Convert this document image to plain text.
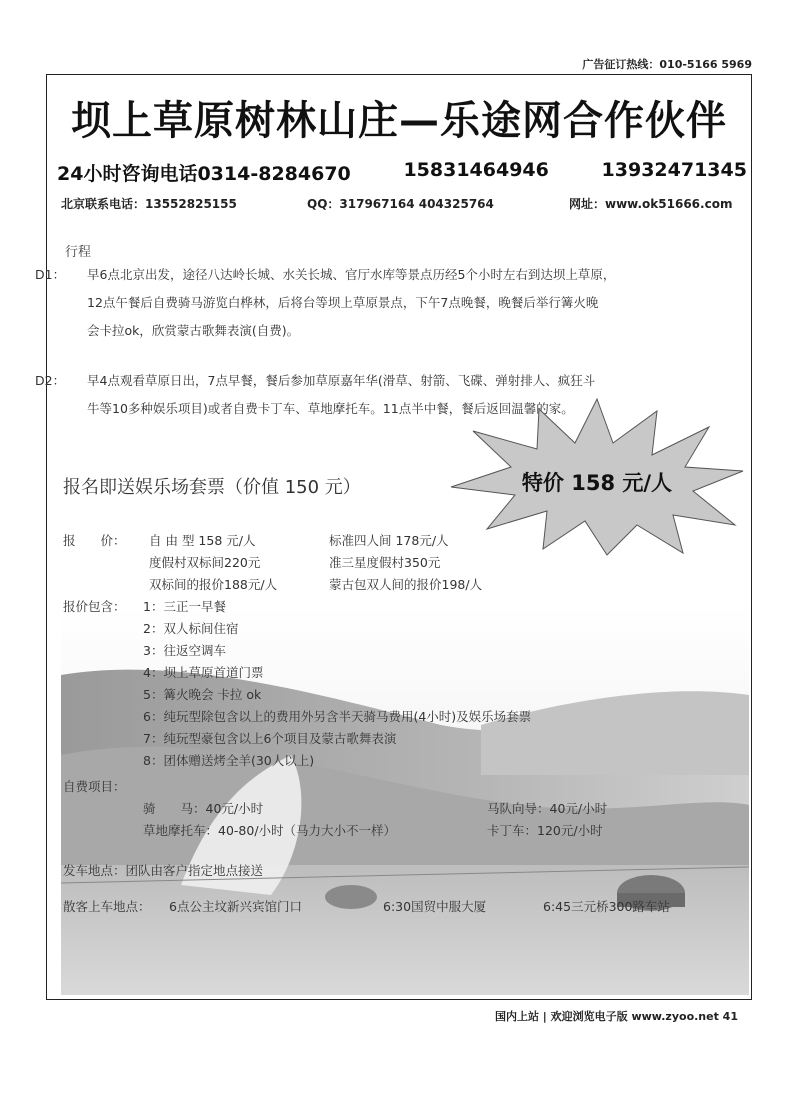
广告征订热线：010-5166 5969
坝上草原树林山庄—乐途网合作伙伴
24小时咨询电话0314-8284670	15831464946	13932471345
北京联系电话：13552825155	QQ：317967164 404325764	网址：www.ok51666.com
行程

D1： 早6点北京出发，途径八达岭长城、水关长城、官厅水库等景点历经5个小时左右到达坝上草原，

12点午餐后自费骑马游览白桦林，后将台等坝上草原景点，下午7点晚餐，晚餐后举行篝火晚

会卡拉ok，欣赏蒙古歌舞表演(自费)。

D2： 早4点观看草原日出，7点早餐，餐后参加草原嘉年华(滑草、射箭、飞碟、弹射排人、疯狂斗

牛等10多种娱乐项目)或者自费卡丁车、草地摩托车。11点半中餐，餐后返回温馨的家。

报名即送娱乐场套票（价值 150 元）	特价 158 元/人
报　　价： 自 由 型 158 元/人	标准四人间 178元/人
度假村双标间220元	准三星度假村350元
双标间的报价188元/人	蒙古包双人间的报价198/人
报价包含： 1：三正一早餐
2：双人标间住宿
3：往返空调车
4：坝上草原首道门票
5：篝火晚会 卡拉 ok
6：纯玩型除包含以上的费用外另含半天骑马费用(4小时)及娱乐场套票
7：纯玩型豪包含以上6个项目及蒙古歌舞表演
8：团体赠送烤全羊(30人以上)
自费项目：
骑　　马：40元/小时	马队向导：40元/小时
草地摩托车：40-80/小时（马力大小不一样）	卡丁车：120元/小时
发车地点：团队由客户指定地点接送
散客上车地点： 6点公主坟新兴宾馆门口	6:30国贸中服大厦	6:45三元桥300路车站
国内上站 | 欢迎浏览电子版 www.zyoo.net 41
